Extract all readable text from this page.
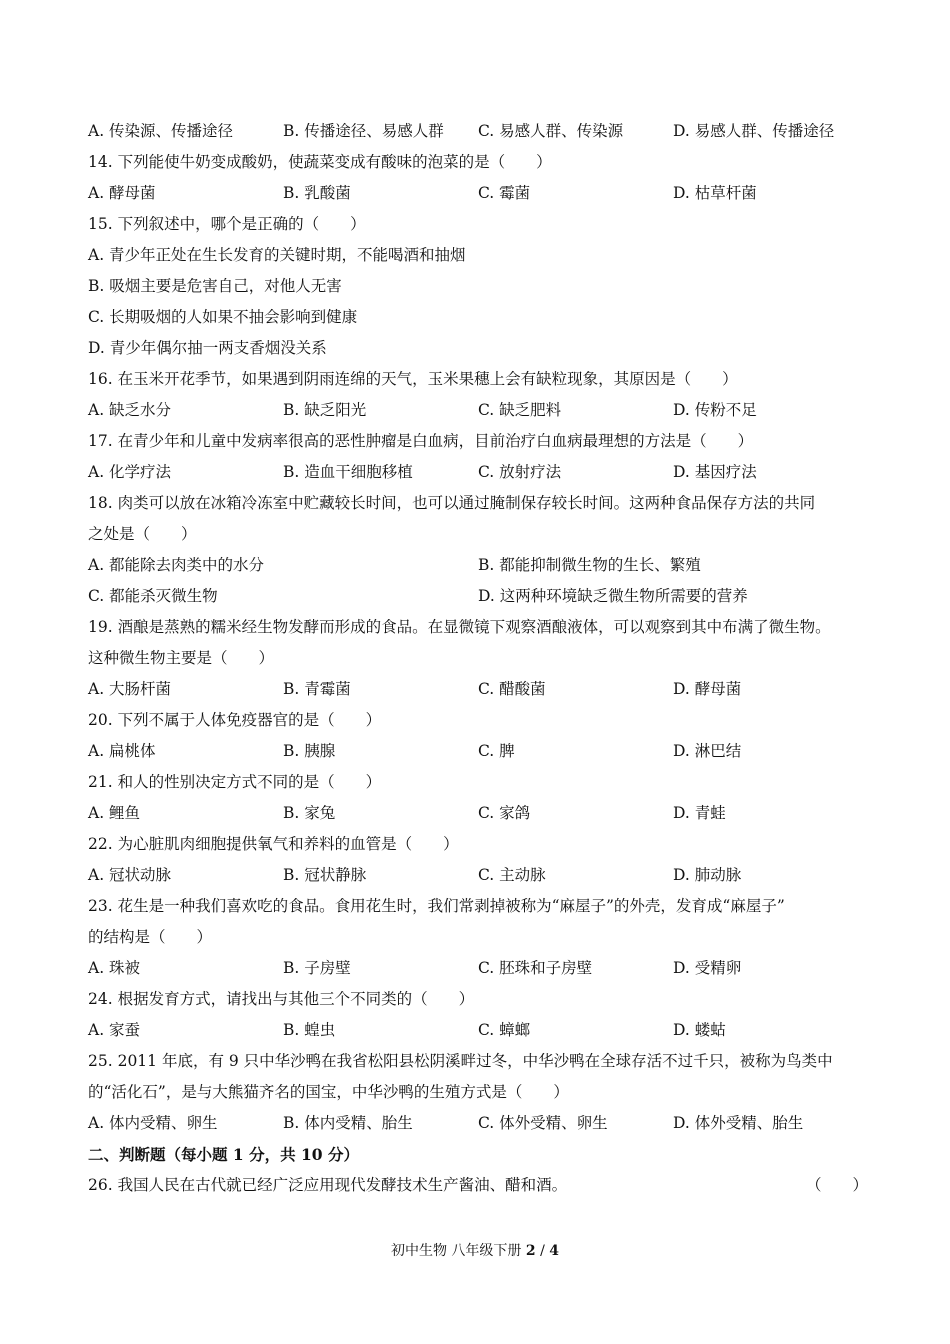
A. 传染源、传播途径	B. 传播途径、易感人群	C. 易感人群、传染源	D. 易感人群、传播途径
14. 下列能使牛奶变成酸奶，使蔬菜变成有酸味的泡菜的是（　　）
A. 酵母菌	B. 乳酸菌	C. 霉菌	D. 枯草杆菌
15. 下列叙述中，哪个是正确的（　　）
A. 青少年正处在生长发育的关键时期，不能喝酒和抽烟
B. 吸烟主要是危害自己，对他人无害
C. 长期吸烟的人如果不抽会影响到健康
D. 青少年偶尔抽一两支香烟没关系
16. 在玉米开花季节，如果遇到阴雨连绵的天气，玉米果穗上会有缺粒现象，其原因是（　　）
A. 缺乏水分	B. 缺乏阳光	C. 缺乏肥料	D. 传粉不足
17. 在青少年和儿童中发病率很高的恶性肿瘤是白血病，目前治疗白血病最理想的方法是（　　）
A. 化学疗法	B. 造血干细胞移植	C. 放射疗法	D. 基因疗法
18. 肉类可以放在冰箱冷冻室中贮藏较长时间，也可以通过腌制保存较长时间。这两种食品保存方法的共同
之处是（　　）
A. 都能除去肉类中的水分	B. 都能抑制微生物的生长、繁殖
C. 都能杀灭微生物	D. 这两种环境缺乏微生物所需要的营养
19. 酒酿是蒸熟的糯米经生物发酵而形成的食品。在显微镜下观察酒酿液体，可以观察到其中布满了微生物。
这种微生物主要是（　　）
A. 大肠杆菌	B. 青霉菌	C. 醋酸菌	D. 酵母菌
20. 下列不属于人体免疫器官的是（　　）
A. 扁桃体	B. 胰腺	C. 脾	D. 淋巴结
21. 和人的性别决定方式不同的是（　　）
A. 鲤鱼	B. 家兔	C. 家鸽	D. 青蛙
22. 为心脏肌肉细胞提供氧气和养料的血管是（　　）
A. 冠状动脉	B. 冠状静脉	C. 主动脉	D. 肺动脉
23. 花生是一种我们喜欢吃的食品。食用花生时，我们常剥掉被称为“麻屋子”的外壳，发育成“麻屋子”
的结构是（　　）
A. 珠被	B. 子房壁	C. 胚珠和子房壁	D. 受精卵
24. 根据发育方式，请找出与其他三个不同类的（　　）
A. 家蚕	B. 蝗虫	C. 蟑螂	D. 蝼蛄
25. 2011 年底，有 9 只中华沙鸭在我省松阳县松阴溪畔过冬，中华沙鸭在全球存活不过千只，被称为鸟类中
的“活化石”，是与大熊猫齐名的国宝，中华沙鸭的生殖方式是（　　）
A. 体内受精、卵生	B. 体内受精、胎生	C. 体外受精、卵生	D. 体外受精、胎生
二、判断题（每小题 1 分，共 10 分）
26. 我国人民在古代就已经广泛应用现代发酵技术生产酱油、醋和酒。	（　　）
初中生物 八年级下册 2 / 4
